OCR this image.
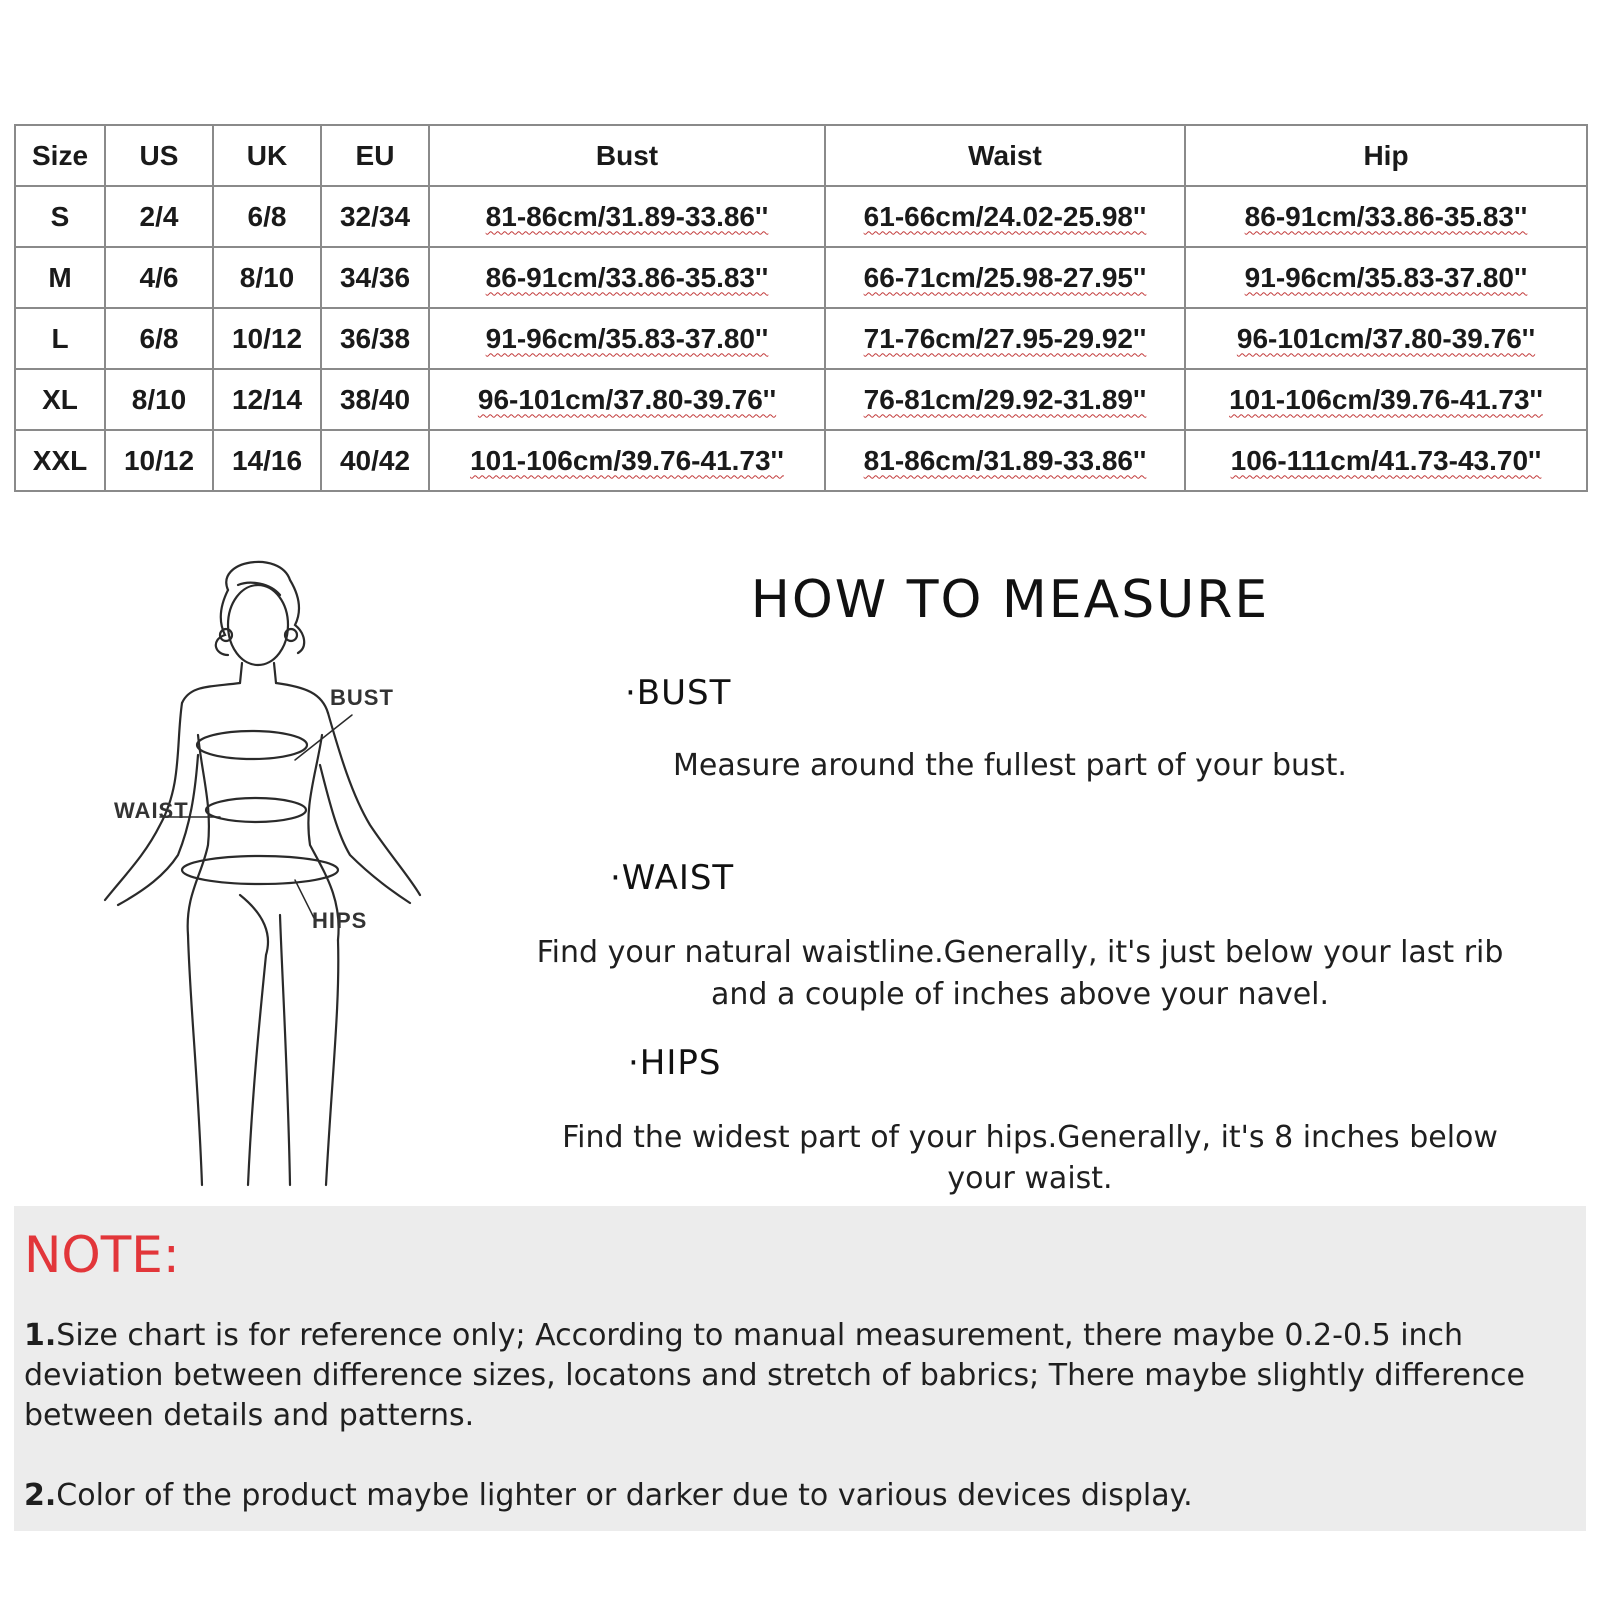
Size	US	UK	EU	Bust	Waist	Hip
S	2/4	6/8	32/34	81-86cm/31.89-33.86''	61-66cm/24.02-25.98''	86-91cm/33.86-35.83''
M	4/6	8/10	34/36	86-91cm/33.86-35.83''	66-71cm/25.98-27.95''	91-96cm/35.83-37.80''
L	6/8	10/12	36/38	91-96cm/35.83-37.80''	71-76cm/27.95-29.92''	96-101cm/37.80-39.76''
XL	8/10	12/14	38/40	96-101cm/37.80-39.76''	76-81cm/29.92-31.89''	101-106cm/39.76-41.73''
XXL	10/12	14/16	40/42	101-106cm/39.76-41.73''	81-86cm/31.89-33.86''	106-111cm/41.73-43.70''
BUST
WAIST
HIPS
HOW TO MEASURE
·BUST
Measure around the fullest part of your bust.
·WAIST
Find your natural waistline.Generally, it's just below your last rib
and a couple of inches above your navel.
·HIPS
Find the widest part of your hips.Generally, it's 8 inches below
your waist.
NOTE:
1.Size chart is for reference only; According to manual measurement, there maybe 0.2-0.5 inch deviation between difference sizes, locatons and stretch of babrics; There maybe slightly difference between details and patterns.
2.Color of the product maybe lighter or darker due to various devices display.
